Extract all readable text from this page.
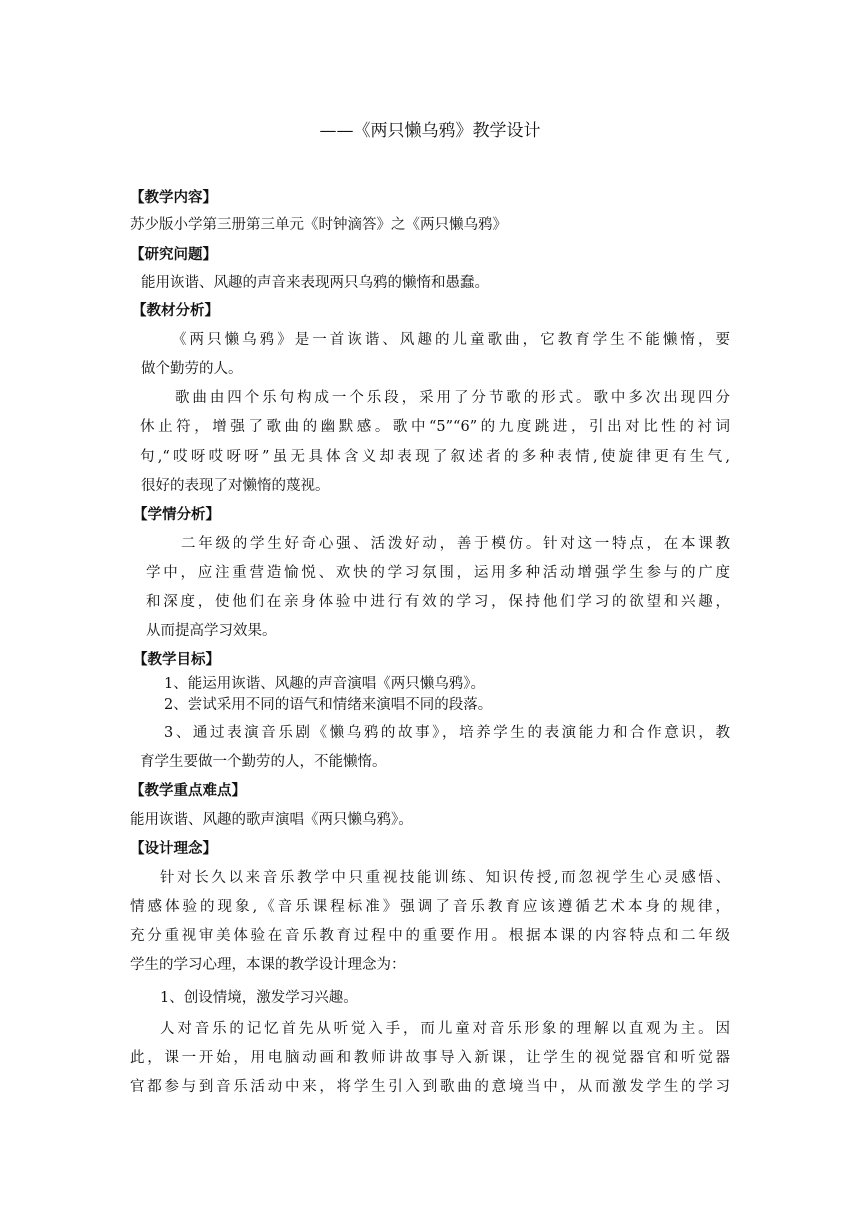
——《两只懒乌鸦》教学设计
【教学内容】
苏少版小学第三册第三单元《时钟滴答》之《两只懒乌鸦》
【研究问题】
能用诙谐、风趣的声音来表现两只乌鸦的懒惰和愚蠢。
【教材分析】
《两只懒乌鸦》是一首诙谐、风趣的儿童歌曲，它教育学生不能懒惰，要
做个勤劳的人。
歌曲由四个乐句构成一个乐段，采用了分节歌的形式。歌中多次出现四分
休止符，增强了歌曲的幽默感。歌中“5”“6”的九度跳进，引出对比性的衬词
句,“哎呀哎呀呀”虽无具体含义却表现了叙述者的多种表情,使旋律更有生气,
很好的表现了对懒惰的蔑视。
【学情分析】
二年级的学生好奇心强、活泼好动，善于模仿。针对这一特点，在本课教
学中，应注重营造愉悦、欢快的学习氛围，运用多种活动增强学生参与的广度
和深度，使他们在亲身体验中进行有效的学习，保持他们学习的欲望和兴趣，
从而提高学习效果。
【教学目标】
1、能运用诙谐、风趣的声音演唱《两只懒乌鸦》。
2、尝试采用不同的语气和情绪来演唱不同的段落。
3、通过表演音乐剧《懒乌鸦的故事》，培养学生的表演能力和合作意识，教
育学生要做一个勤劳的人，不能懒惰。
【教学重点难点】
能用诙谐、风趣的歌声演唱《两只懒乌鸦》。
【设计理念】
针对长久以来音乐教学中只重视技能训练、知识传授,而忽视学生心灵感悟、
情感体验的现象,《音乐课程标准》强调了音乐教育应该遵循艺术本身的规律，
充分重视审美体验在音乐教育过程中的重要作用。根据本课的内容特点和二年级
学生的学习心理，本课的教学设计理念为：
1、创设情境，激发学习兴趣。
人对音乐的记忆首先从听觉入手，而儿童对音乐形象的理解以直观为主。因
此，课一开始，用电脑动画和教师讲故事导入新课，让学生的视觉器官和听觉器
官都参与到音乐活动中来，将学生引入到歌曲的意境当中，从而激发学生的学习
